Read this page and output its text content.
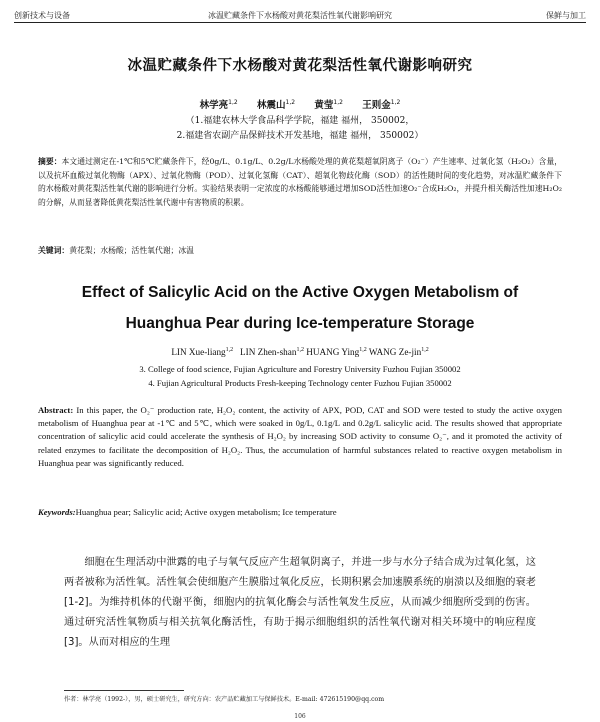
创新技术与设备	冰温贮藏条件下水杨酸对黄花梨活性氧代谢影响研究	保鲜与加工
冰温贮藏条件下水杨酸对黄花梨活性氧代谢影响研究
林学亮$^{1,2}$ 林震山$^{1,2}$ 黄莹$^{1,2}$ 王则金$^{1,2}$
（1.福建农林大学食品科学学院，福建 福州， 350002，
2.福建省农副产品保鲜技术开发基地，福建 福州， 350002）
摘要：本文通过测定在-1℃和5℃贮藏条件下，经0g/L、0.1g/L、0.2g/L水杨酸处理的黄花梨超氧阴离子（O₂⁻）产生速率、过氧化氢（H₂O₂）含量，以及抗坏血酸过氧化物酶（APX）、过氧化物酶（POD）、过氧化氢酶（CAT）、超氧化物歧化酶（SOD）的活性随时间的变化趋势，对冰温贮藏条件下的水杨酸对黄花梨活性氧代谢的影响进行分析。实验结果表明一定浓度的水杨酸能够通过增加SOD活性加速O₂⁻合成H₂O₂，并提升相关酶活性加速H₂O₂的分解，从而显著降低黄花梨活性氧代谢中有害物质的积累。
关键词：黄花梨；水杨酸；活性氧代谢；冰温
Effect of Salicylic Acid on the Active Oxygen Metabolism of
Huanghua Pear during Ice-temperature Storage
LIN Xue-liang$^{1,2}$ LIN Zhen-shan$^{1,2}$ HUANG Ying$^{1,2}$ WANG Ze-jin$^{1,2}$
3. College of food science, Fujian Agriculture and Forestry University Fuzhou Fujian 350002
4. Fujian Agricultural Products Fresh-keeping Technology center Fuzhou Fujian 350002
Abstract: In this paper, the O₂⁻ production rate, H₂O₂ content, the activity of APX, POD, CAT and SOD were tested to study the active oxygen metabolism of Huanghua pear at -1℃ and 5℃, which were soaked in 0g/L, 0.1g/L and 0.2g/L salicylic acid. The results showed that appropriate concentration of salicylic acid could accelerate the synthesis of H₂O₂ by increasing SOD activity to consume O₂⁻, and it promoted the activity of related enzymes to facilitate the decomposition of H₂O₂. Thus, the accumulation of harmful substances related to reactive oxygen metabolism in Huanghua pear was significantly reduced.
Keywords:Huanghua pear; Salicylic acid; Active oxygen metabolism; Ice temperature
细胞在生理活动中泄露的电子与氧气反应产生超氧阴离子，并进一步与水分子结合成为过氧化氢，这两者被称为活性氧。活性氧会使细胞产生膜脂过氧化反应，长期积累会加速膜系统的崩溃以及细胞的衰老[1-2]。为维持机体的代谢平衡，细胞内的抗氧化酶会与活性氧发生反应，从而减少细胞所受到的伤害。通过研究活性氧物质与相关抗氧化酶活性，有助于揭示细胞组织的活性氧代谢对相关环境中的响应程度[3]。从而对相应的生理
作者：林学亮（1992-），男，硕士研究生，研究方向：农产品贮藏加工与保鲜技术。E-mail: 472615190@qq.com
106
